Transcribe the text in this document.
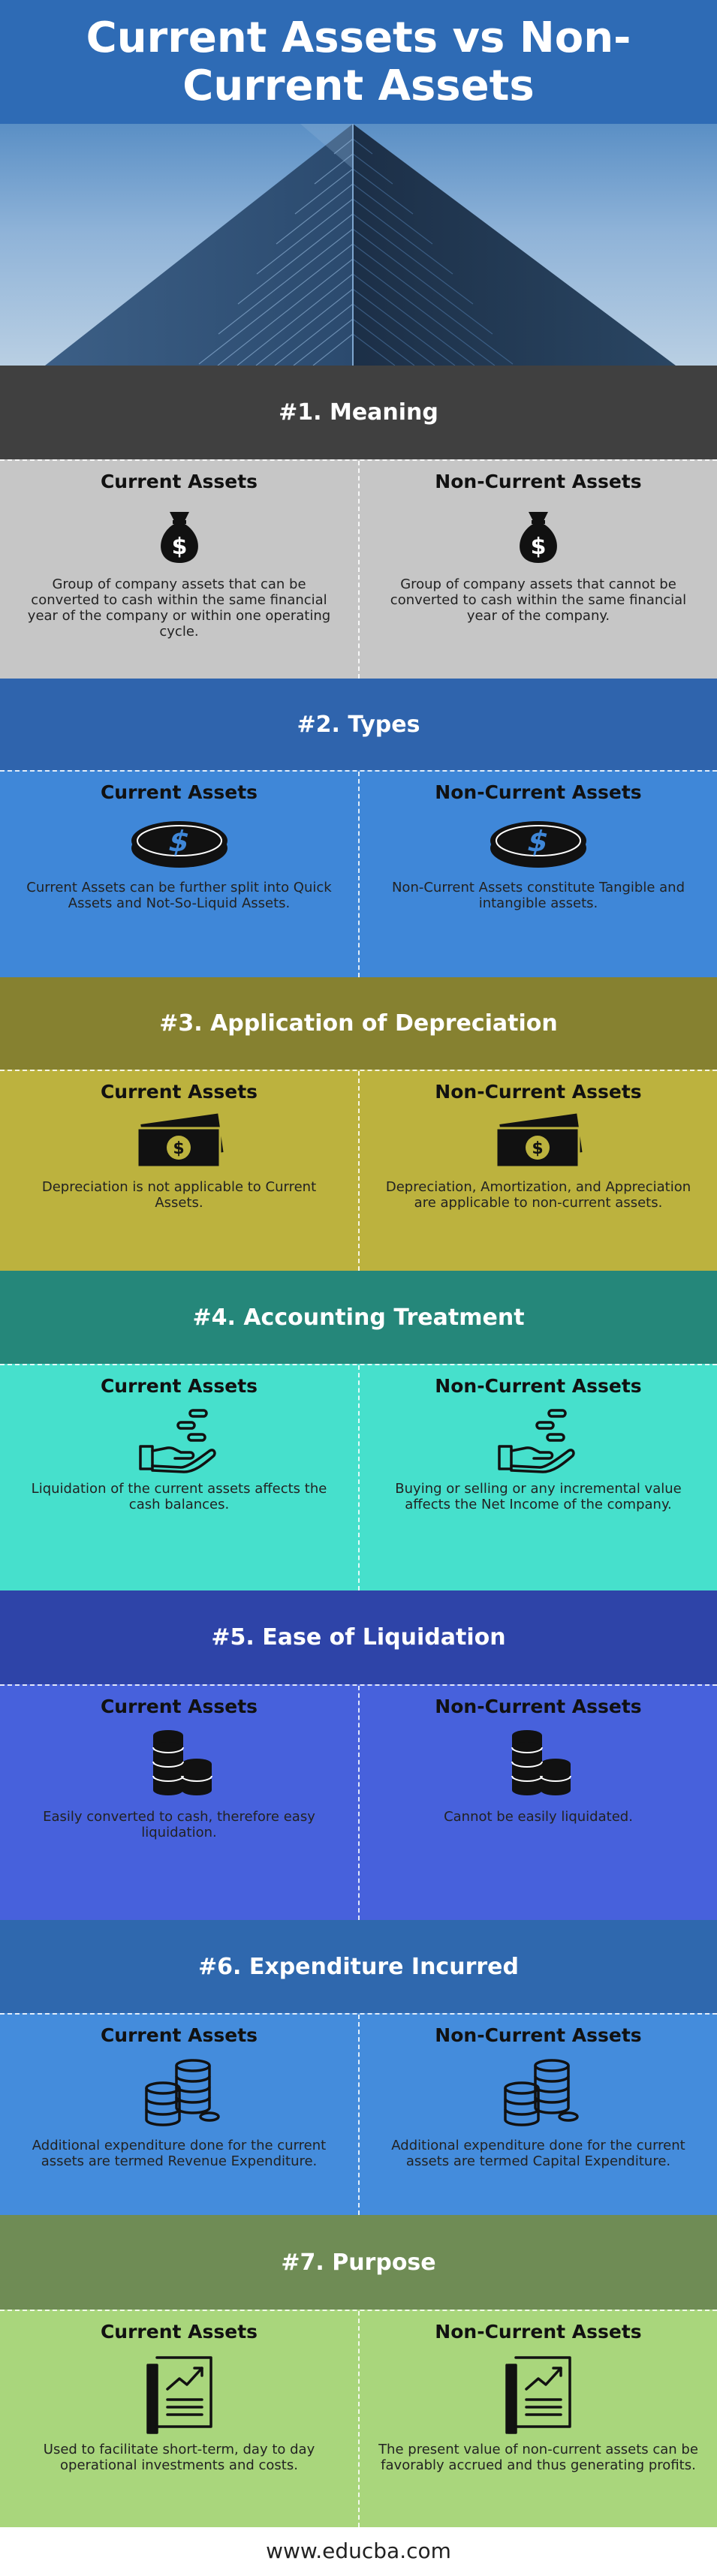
Current Assets vs Non-Current Assets
#1. Meaning
Current Assets
$
Group of company assets that can be converted to cash within the same financial year of the company or within one operating cycle.
Non-Current Assets
$
Group of company assets that cannot be converted to cash within the same financial year of the company.
#2. Types
Current Assets
$
Current Assets can be further split into Quick Assets and Not-So-Liquid Assets.
Non-Current Assets
$
Non-Current Assets constitute Tangible and intangible assets.
#3. Application of Depreciation
Current Assets
$
Depreciation is not applicable to Current Assets.
Non-Current Assets
$
Depreciation, Amortization, and Appreciation are applicable to non-current assets.
#4. Accounting Treatment
Current Assets
Liquidation of the current assets affects the cash balances.
Non-Current Assets
Buying or selling or any incremental value affects the Net Income of the company.
#5. Ease of Liquidation
Current Assets
Easily converted to cash, therefore easy liquidation.
Non-Current Assets
Cannot be easily liquidated.
#6. Expenditure Incurred
Current Assets
Additional expenditure done for the current assets are termed Revenue Expenditure.
Non-Current Assets
Additional expenditure done for the current assets are termed Capital Expenditure.
#7. Purpose
Current Assets
Used to facilitate short-term, day to day operational investments and costs.
Non-Current Assets
The present value of non-current assets can be favorably accrued and thus generating profits.
www.educba.com
